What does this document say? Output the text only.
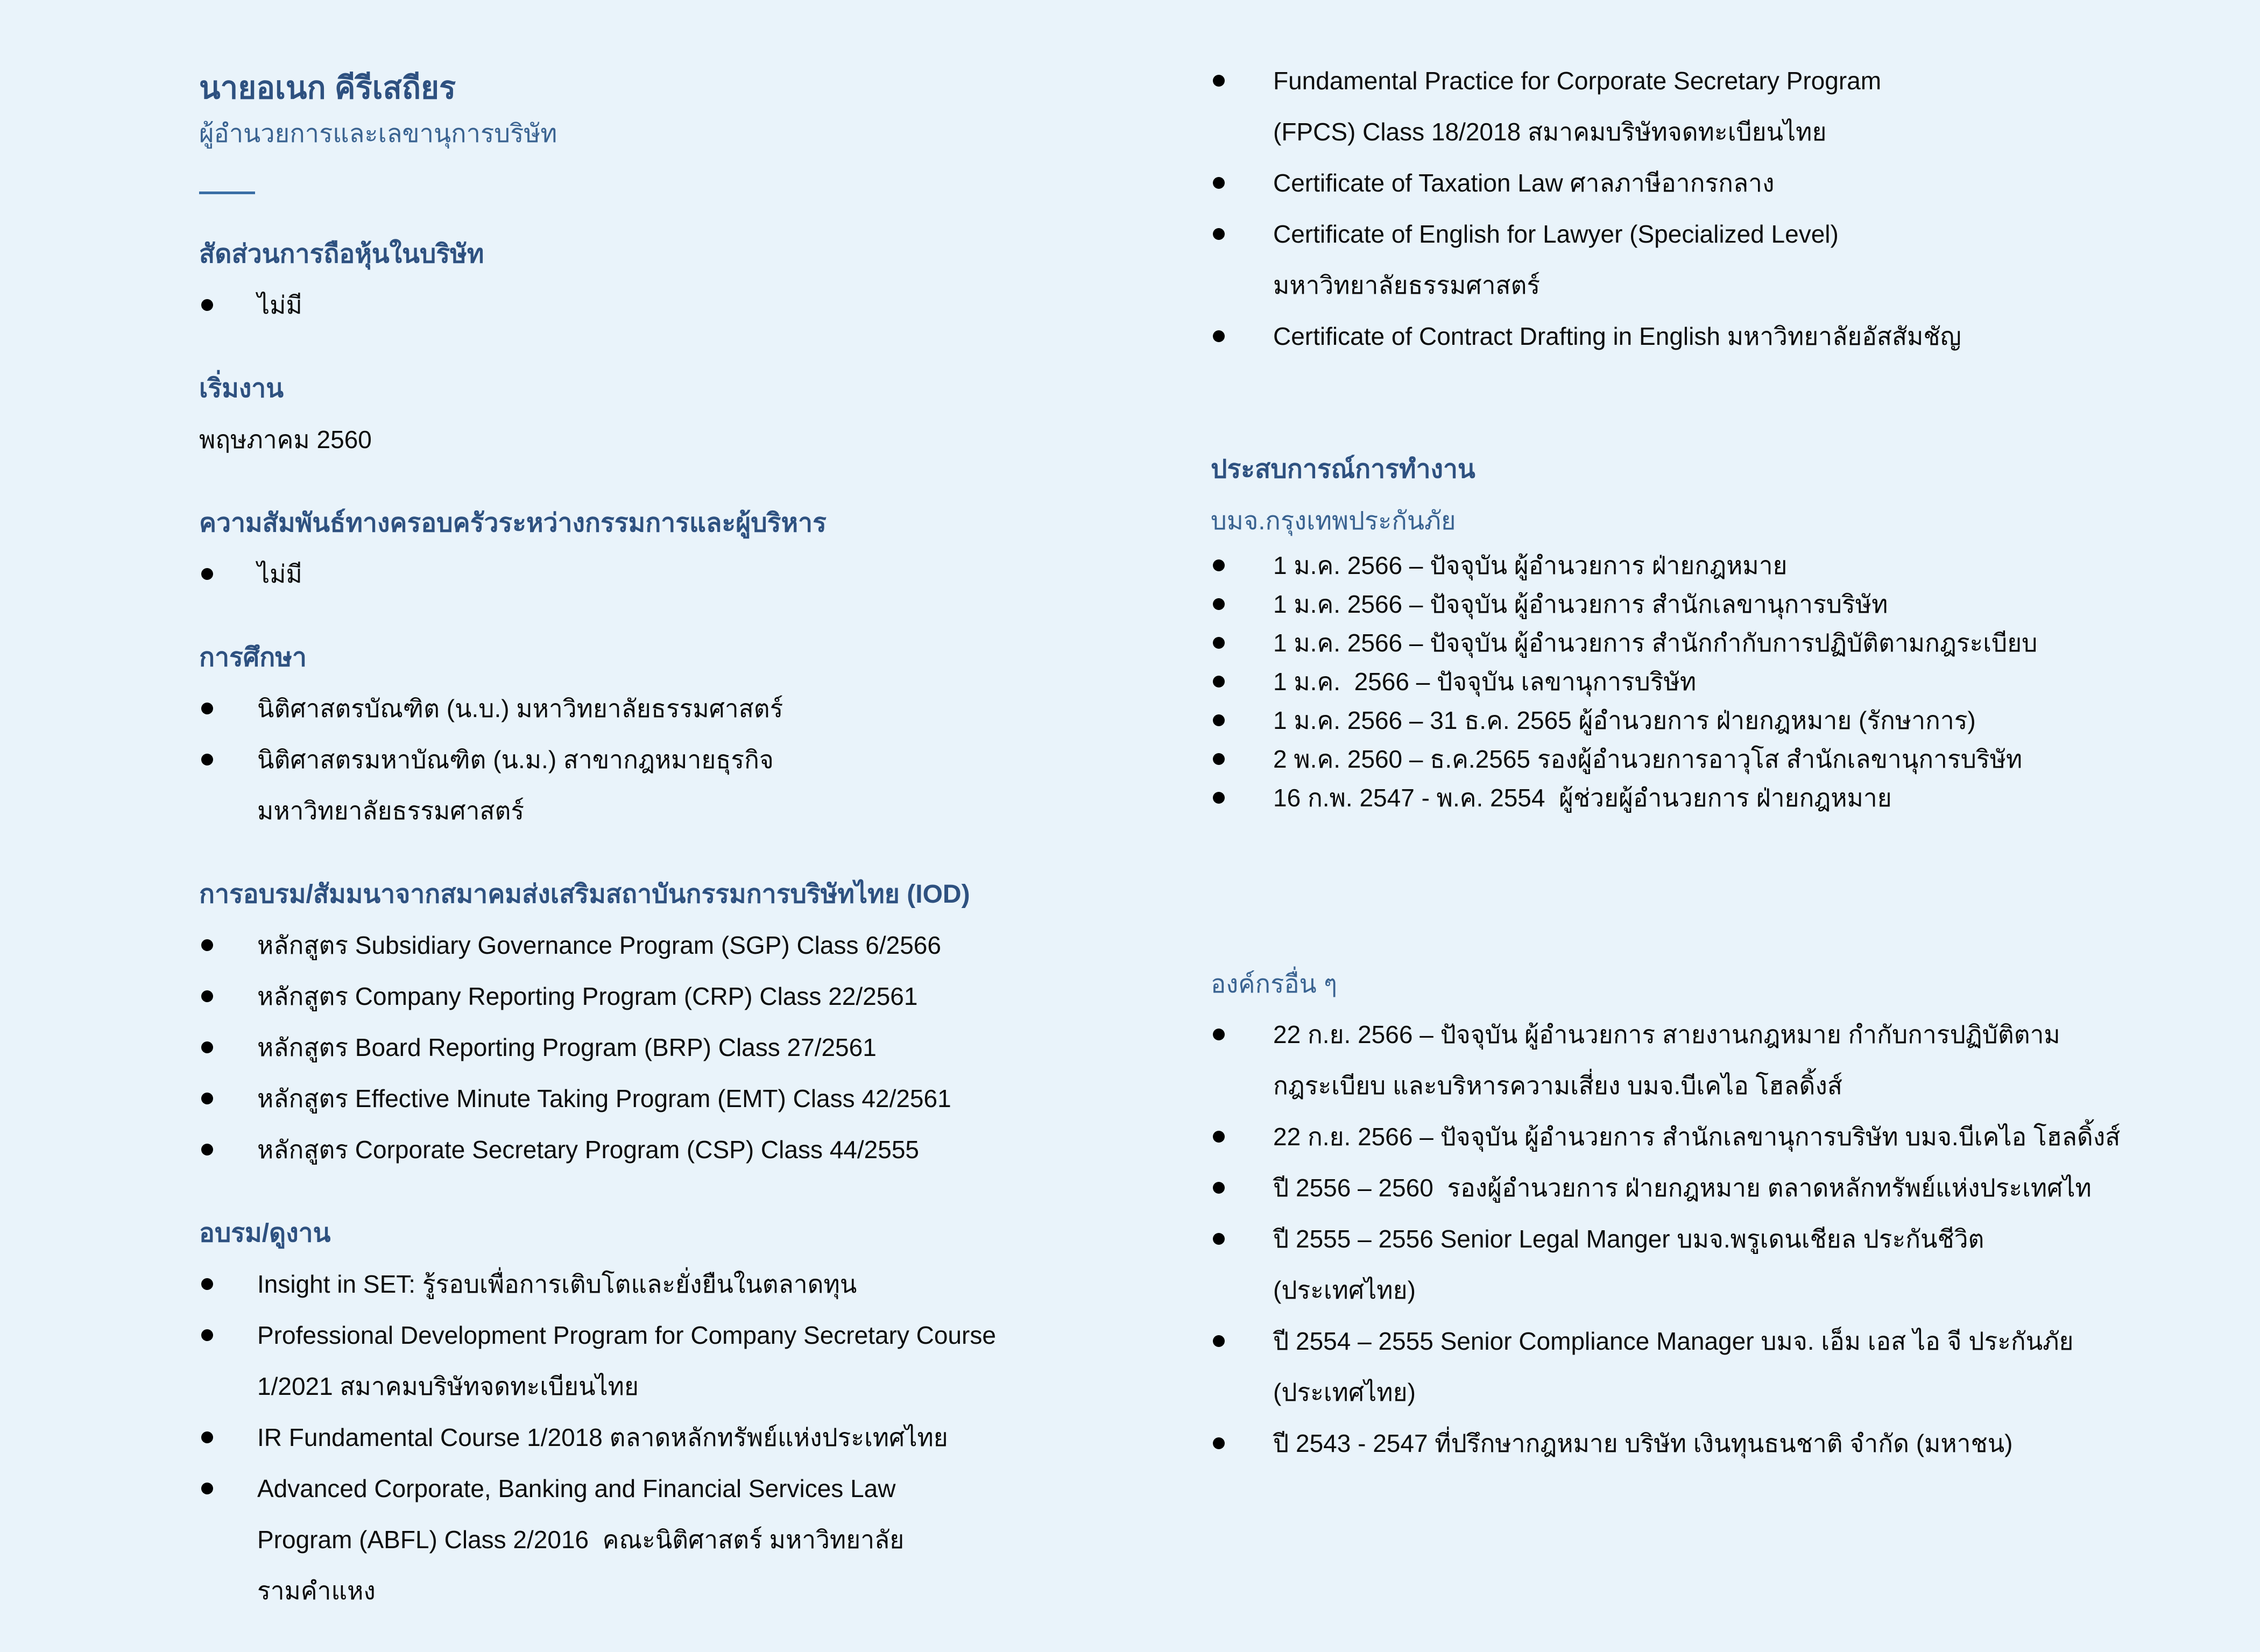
นายอเนก คีรีเสถียร

ผู้อำนวยการและเลขานุการบริษัท

สัดส่วนการถือหุ้นในบริษัท
ไม่มี
เริ่มงาน

พฤษภาคม 2560

ความสัมพันธ์ทางครอบครัวระหว่างกรรมการและผู้บริหาร
ไม่มี
การศึกษา
นิติศาสตรบัณฑิต (น.บ.) มหาวิทยาลัยธรรมศาสตร์
นิติศาสตรมหาบัณฑิต (น.ม.) สาขากฎหมายธุรกิจ
มหาวิทยาลัยธรรมศาสตร์
การอบรม/สัมมนาจากสมาคมส่งเสริมสถาบันกรรมการบริษัทไทย (IOD)
หลักสูตร Subsidiary Governance Program (SGP) Class 6/2566
หลักสูตร Company Reporting Program (CRP) Class 22/2561
หลักสูตร Board Reporting Program (BRP) Class 27/2561
หลักสูตร Effective Minute Taking Program (EMT) Class 42/2561
หลักสูตร Corporate Secretary Program (CSP) Class 44/2555
อบรม/ดูงาน
Insight in SET: รู้รอบเพื่อการเติบโตและยั่งยืนในตลาดทุน
Professional Development Program for Company Secretary Course
1/2021 สมาคมบริษัทจดทะเบียนไทย
IR Fundamental Course 1/2018 ตลาดหลักทรัพย์แห่งประเทศไทย
Advanced Corporate, Banking and Financial Services Law
Program (ABFL) Class 2/2016  คณะนิติศาสตร์ มหาวิทยาลัย
รามคำแหง
Fundamental Practice for Corporate Secretary Program
(FPCS) Class 18/2018 สมาคมบริษัทจดทะเบียนไทย
Certificate of Taxation Law ศาลภาษีอากรกลาง
Certificate of English for Lawyer (Specialized Level)
มหาวิทยาลัยธรรมศาสตร์
Certificate of Contract Drafting in English มหาวิทยาลัยอัสสัมชัญ
ประสบการณ์การทำงาน

บมจ.กรุงเทพประกันภัย

1 ม.ค. 2566 – ปัจจุบัน ผู้อำนวยการ ฝ่ายกฎหมาย
1 ม.ค. 2566 – ปัจจุบัน ผู้อำนวยการ สำนักเลขานุการบริษัท
1 ม.ค. 2566 – ปัจจุบัน ผู้อำนวยการ สำนักกำกับการปฏิบัติตามกฎระเบียบ
1 ม.ค.  2566 – ปัจจุบัน เลขานุการบริษัท
1 ม.ค. 2566 – 31 ธ.ค. 2565 ผู้อำนวยการ ฝ่ายกฎหมาย (รักษาการ)
2 พ.ค. 2560 – ธ.ค.2565 รองผู้อำนวยการอาวุโส สำนักเลขานุการบริษัท
16 ก.พ. 2547 - พ.ค. 2554  ผู้ช่วยผู้อำนวยการ ฝ่ายกฎหมาย

องค์กรอื่น ๆ

22 ก.ย. 2566 – ปัจจุบัน ผู้อำนวยการ สายงานกฎหมาย กำกับการปฏิบัติตาม
กฎระเบียบ และบริหารความเสี่ยง บมจ.บีเคไอ โฮลดิ้งส์
22 ก.ย. 2566 – ปัจจุบัน ผู้อำนวยการ สำนักเลขานุการบริษัท บมจ.บีเคไอ โฮลดิ้งส์
ปี 2556 – 2560  รองผู้อำนวยการ ฝ่ายกฎหมาย ตลาดหลักทรัพย์แห่งประเทศไท
ปี 2555 – 2556 Senior Legal Manger บมจ.พรูเดนเชียล ประกันชีวิต
(ประเทศไทย)
ปี 2554 – 2555 Senior Compliance Manager บมจ. เอ็ม เอส ไอ จี ประกันภัย
(ประเทศไทย)
ปี 2543 - 2547 ที่ปรึกษากฎหมาย บริษัท เงินทุนธนชาติ จำกัด (มหาชน)
